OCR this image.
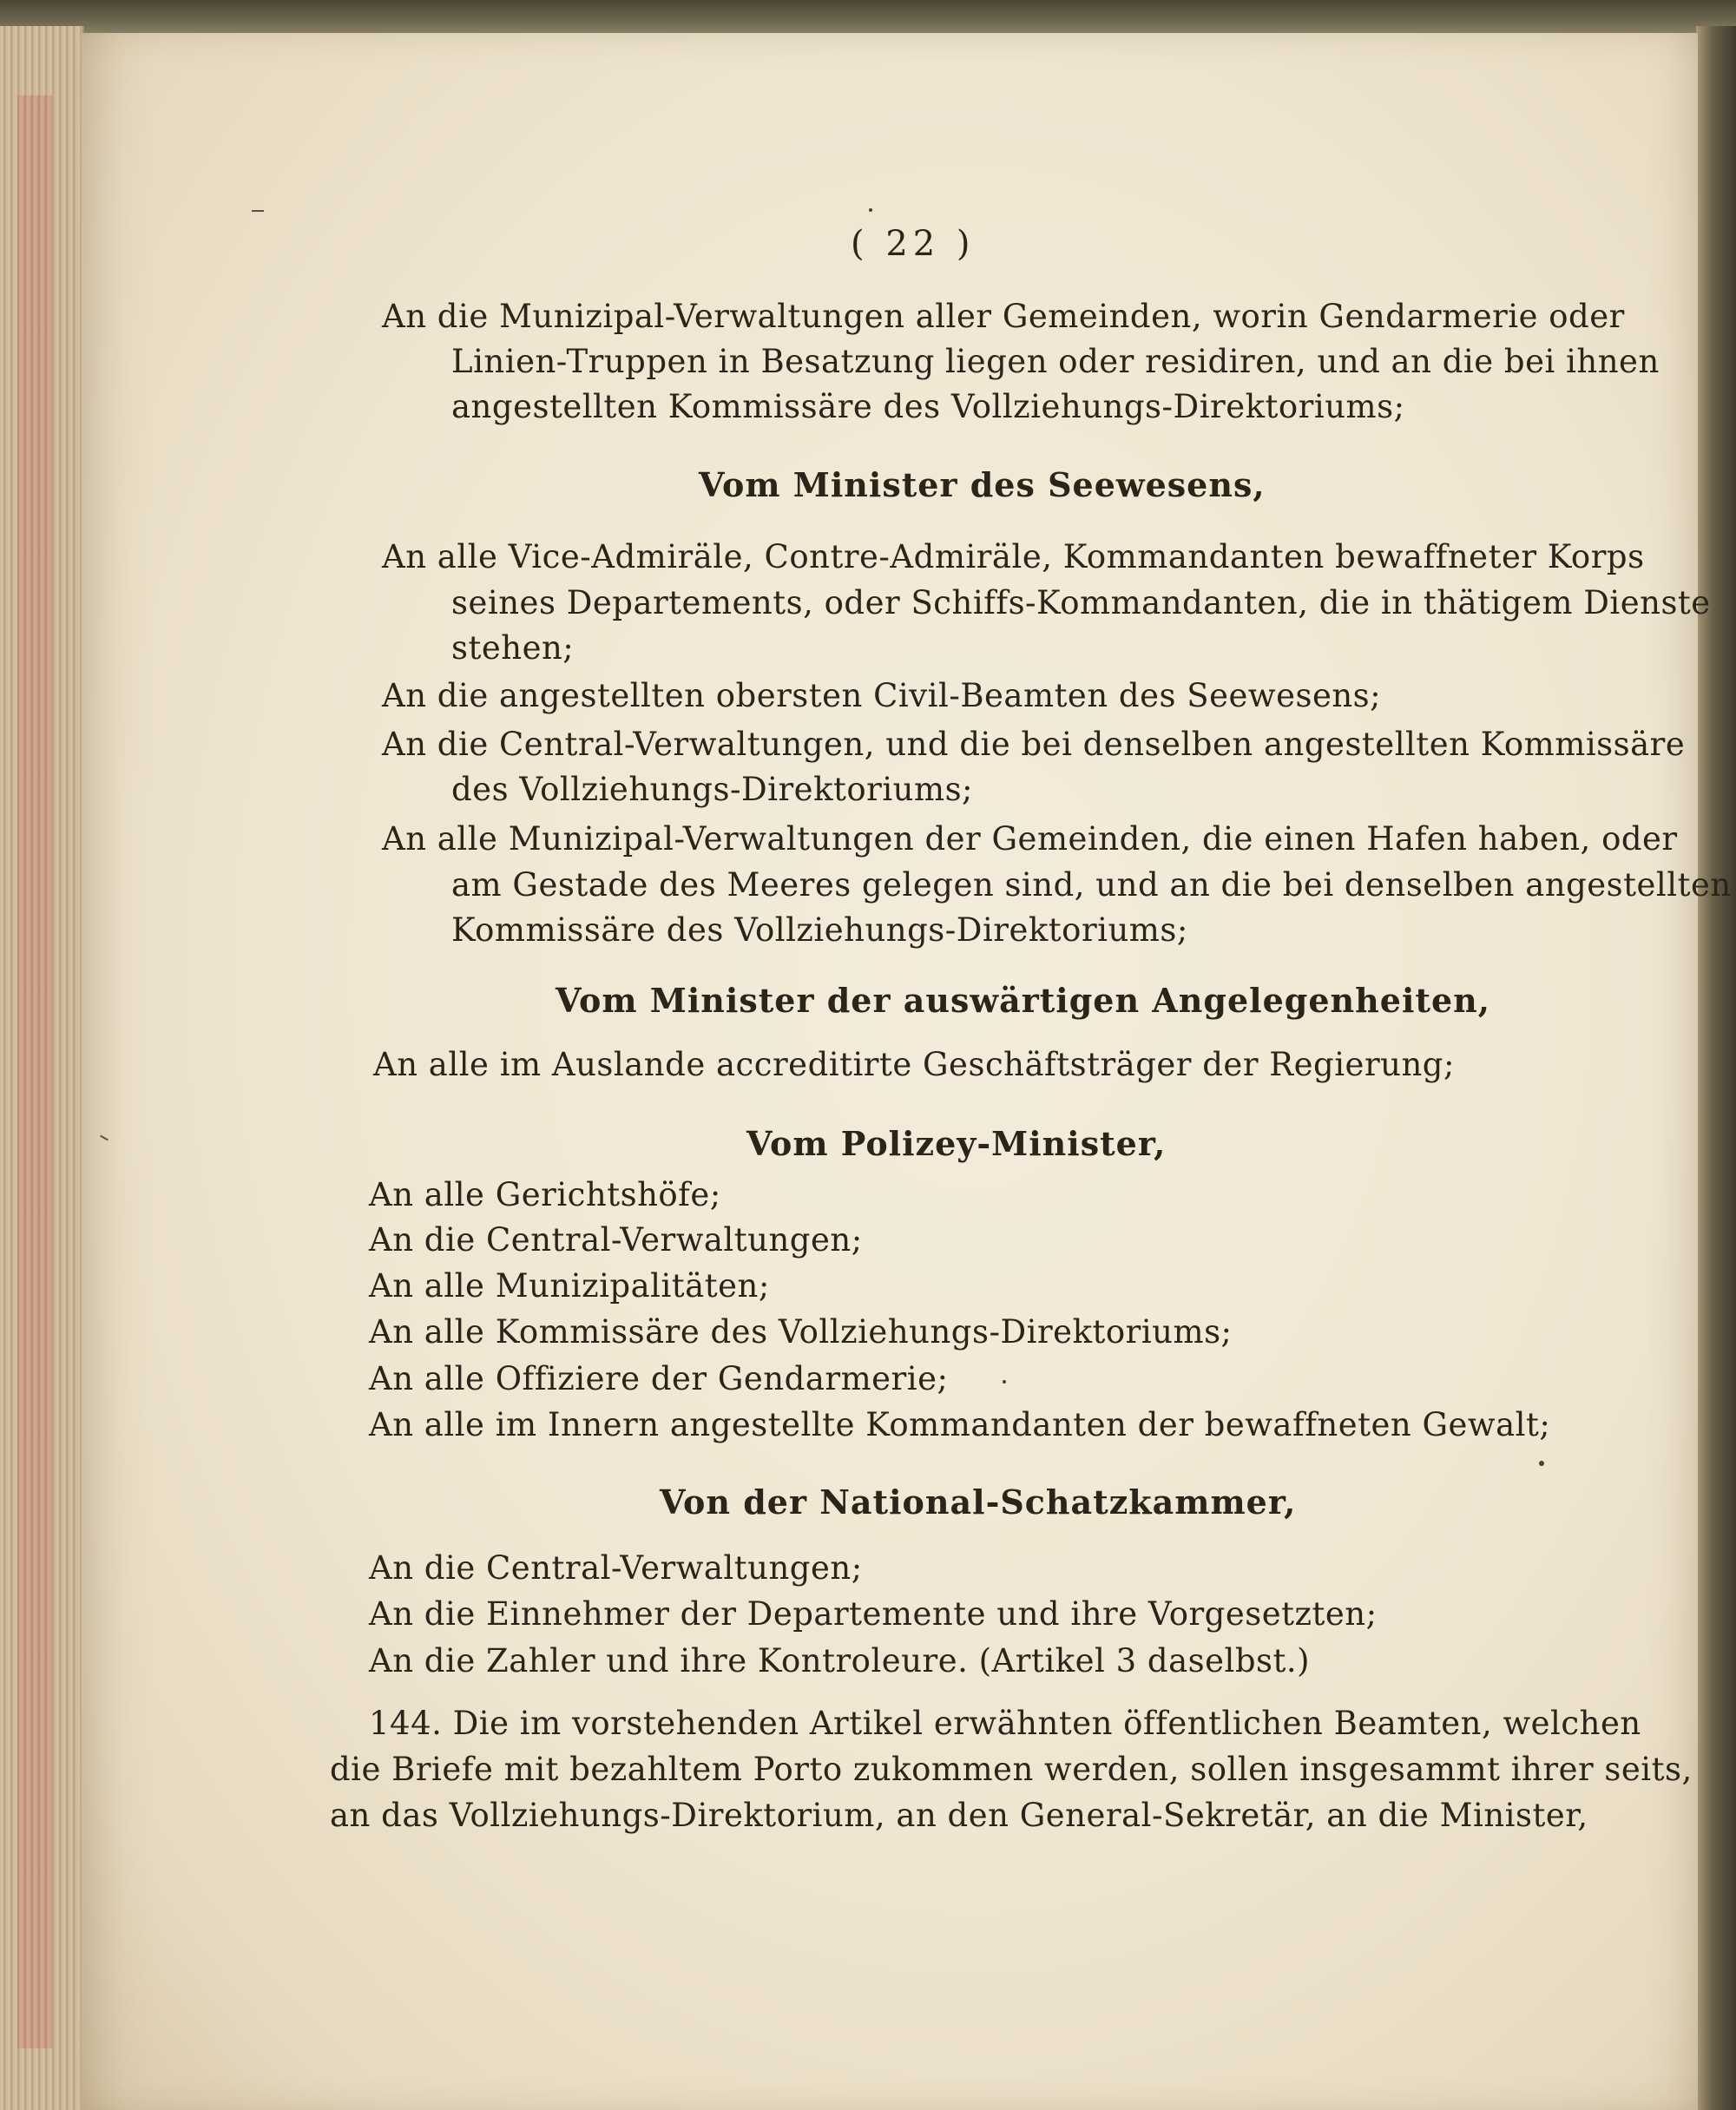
( 22 )
An die Munizipal-Verwaltungen aller Gemeinden, worin Gendarmerie oder
Linien-Truppen in Besatzung liegen oder residiren, und an die bei ihnen
angestellten Kommissäre des Vollziehungs-Direktoriums;
Vom Minister des Seewesens,
An alle Vice-Admiräle, Contre-Admiräle, Kommandanten bewaffneter Korps
seines Departements, oder Schiffs-Kommandanten, die in thätigem Dienste
stehen;
An die angestellten obersten Civil-Beamten des Seewesens;
An die Central-Verwaltungen, und die bei denselben angestellten Kommissäre
des Vollziehungs-Direktoriums;
An alle Munizipal-Verwaltungen der Gemeinden, die einen Hafen haben, oder
am Gestade des Meeres gelegen sind, und an die bei denselben angestellten
Kommissäre des Vollziehungs-Direktoriums;
Vom Minister der auswärtigen Angelegenheiten,
An alle im Auslande accreditirte Geschäftsträger der Regierung;
Vom Polizey-Minister,
An alle Gerichtshöfe;
An die Central-Verwaltungen;
An alle Munizipalitäten;
An alle Kommissäre des Vollziehungs-Direktoriums;
An alle Offiziere der Gendarmerie;
An alle im Innern angestellte Kommandanten der bewaffneten Gewalt;
Von der National-Schatzkammer,
An die Central-Verwaltungen;
An die Einnehmer der Departemente und ihre Vorgesetzten;
An die Zahler und ihre Kontroleure. (Artikel 3 daselbst.)
144. Die im vorstehenden Artikel erwähnten öffentlichen Beamten, welchen
die Briefe mit bezahltem Porto zukommen werden, sollen insgesammt ihrer seits,
an das Vollziehungs-Direktorium, an den General-Sekretär, an die Minister,
